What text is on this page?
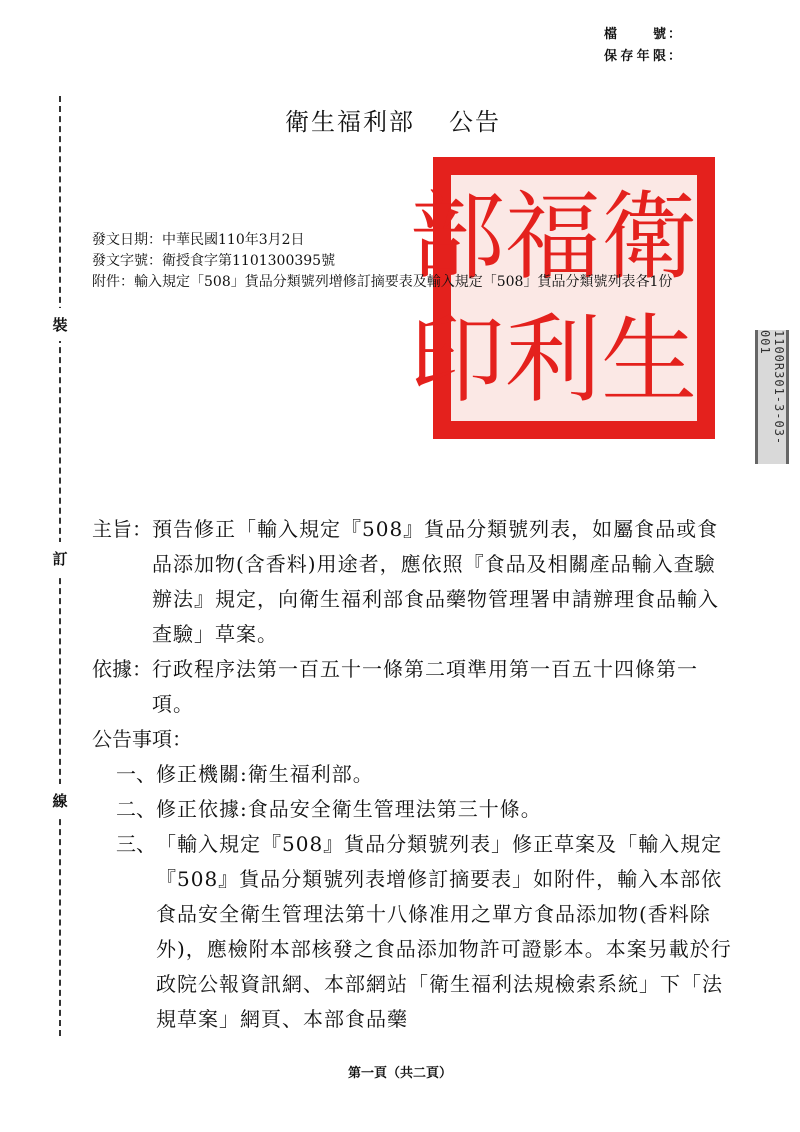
檔　　號 ：
保存年限 ：
裝
訂
線
衛生福利部 公告
衛
生
福
利
部
印	1100R301-3-03-001
發文日期： 中華民國110年3月2日
發文字號： 衛授食字第1101300395號
附件： 輸入規定「508」貨品分類號列增修訂摘要表及輸入規定「508」貨品分類號列表各1份
主旨： 預告修正「輸入規定『508』貨品分類號列表，如屬食品或食品添加物(含香料)用途者，應依照『食品及相關產品輸入查驗辦法』規定，向衛生福利部食品藥物管理署申請辦理食品輸入查驗」草案。
依據： 行政程序法第一百五十一條第二項準用第一百五十四條第一項。
公告事項：
一、 修正機關:衛生福利部。
二、 修正依據:食品安全衛生管理法第三十條。
三、 「輸入規定『508』貨品分類號列表」修正草案及「輸入規定『508』貨品分類號列表增修訂摘要表」如附件，輸入本部依食品安全衛生管理法第十八條准用之單方食品添加物(香料除外)，應檢附本部核發之食品添加物許可證影本。本案另載於行政院公報資訊網、本部網站「衛生福利法規檢索系統」下「法規草案」網頁、本部食品藥
第一頁（共二頁）
